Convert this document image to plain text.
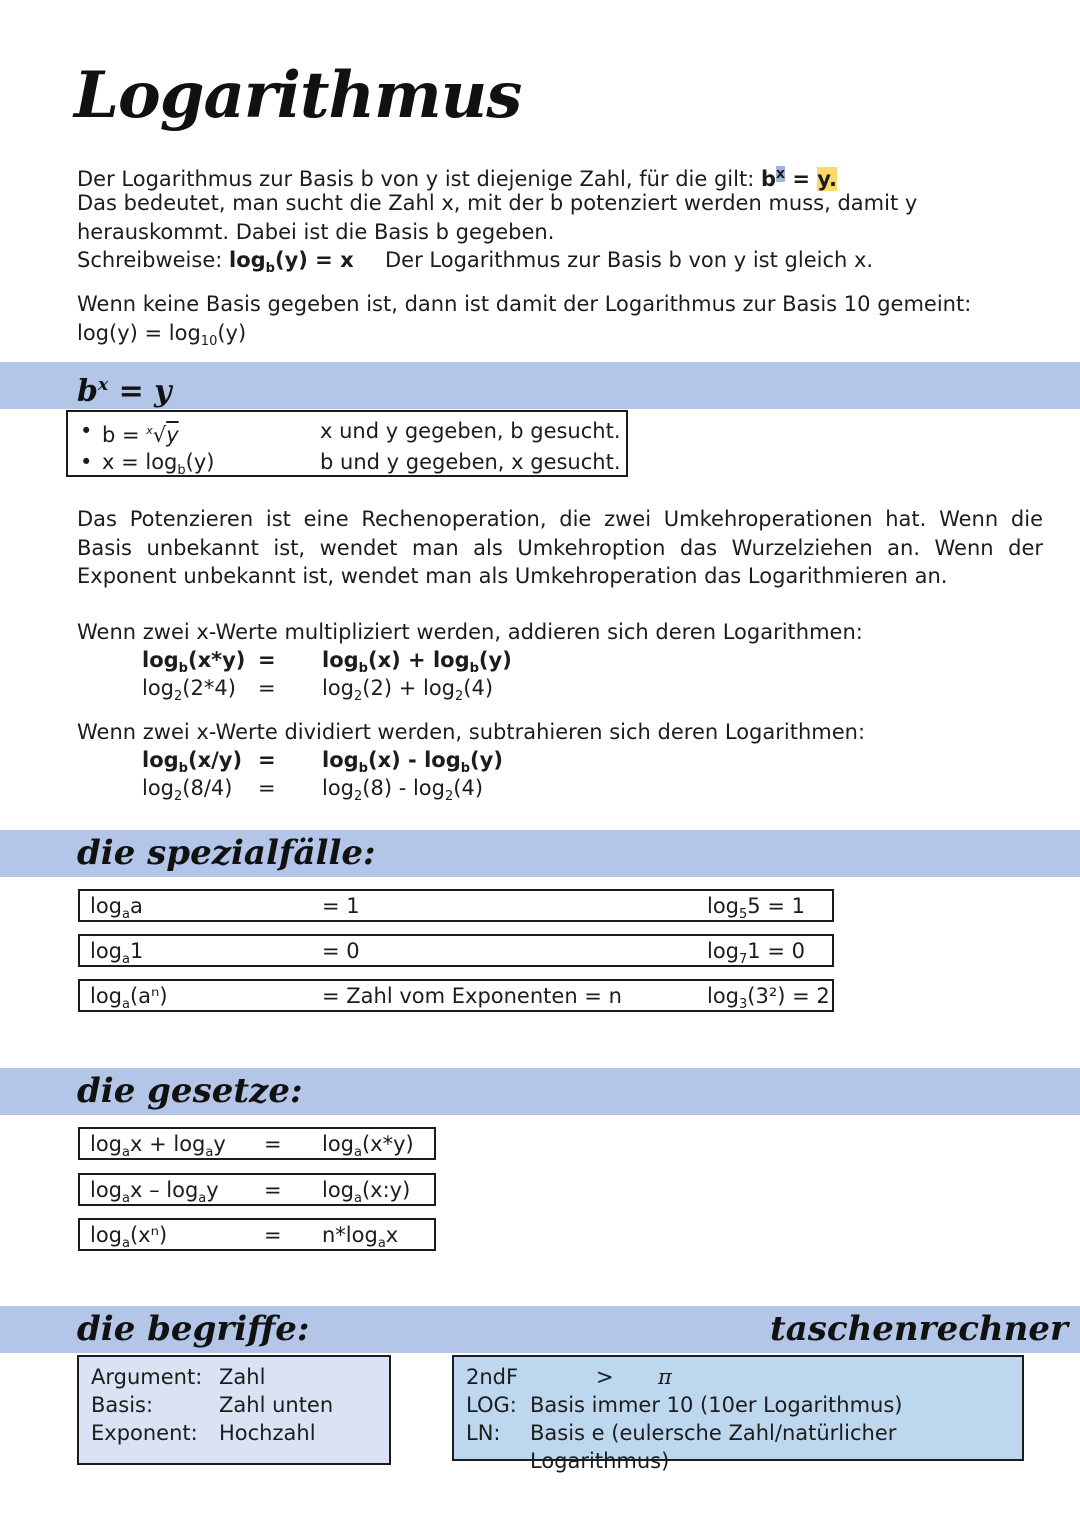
Logarithmus
Der Logarithmus zur Basis b von y ist diejenige Zahl, für die gilt: $b^x = y$.
Das bedeutet, man sucht die Zahl x, mit der b potenziert werden muss, damit y herauskommt. Dabei ist die Basis b gegeben.
Schreibweise: $\log_b(y) = x$ Der Logarithmus zur Basis b von y ist gleich x.
Wenn keine Basis gegeben ist, dann ist damit der Logarithmus zur Basis 10 gemeint:
$\log(y) = \log_{10}(y)$
$b^x = y$
• b = $^x$√y	x und y gegeben, b gesucht.
• $x = \log_b(y)$	b und y gegeben, x gesucht.
Das Potenzieren ist eine Rechenoperation, die zwei Umkehroperationen hat. Wenn die Basis unbekannt ist, wendet man als Umkehroption das Wurzelziehen an. Wenn der Exponent unbekannt ist, wendet man als Umkehroperation das Logarithmieren an.
Wenn zwei x-Werte multipliziert werden, addieren sich deren Logarithmen:
$\log_b(x*y) = \log_b(x) + \log_b(y)$
$\log_2(2*4) = \log_2(2) + \log_2(4)$
Wenn zwei x-Werte dividiert werden, subtrahieren sich deren Logarithmen:
$\log_b(x/y) = \log_b(x) - \log_b(y)$
$\log_2(8/4) = \log_2(8) - \log_2(4)$
die spezialfälle:
$\log_aa$	= 1	$\log_55 = 1$
$\log_a1$	= 0	$\log_71 = 0$
$\log_a(a^n)$	= Zahl vom Exponenten = n	$\log_3(3^2) = 2$
die gesetze:
$\log_ax + \log_ay = \log_a(x*y)$
$\log_ax - \log_ay$ = $\log_a(x:y)$
$\log_a(x^n)$	= $n*\log_ax$
die begriffe:	taschenrechner
Argument: Zahl
Basis:	Zahl unten
Exponent: Hochzahl
2ndF	> π
LOG: Basis immer 10 (10er Logarithmus)
LN: Basis e (eulersche Zahl/natürlicher Logarithmus)
